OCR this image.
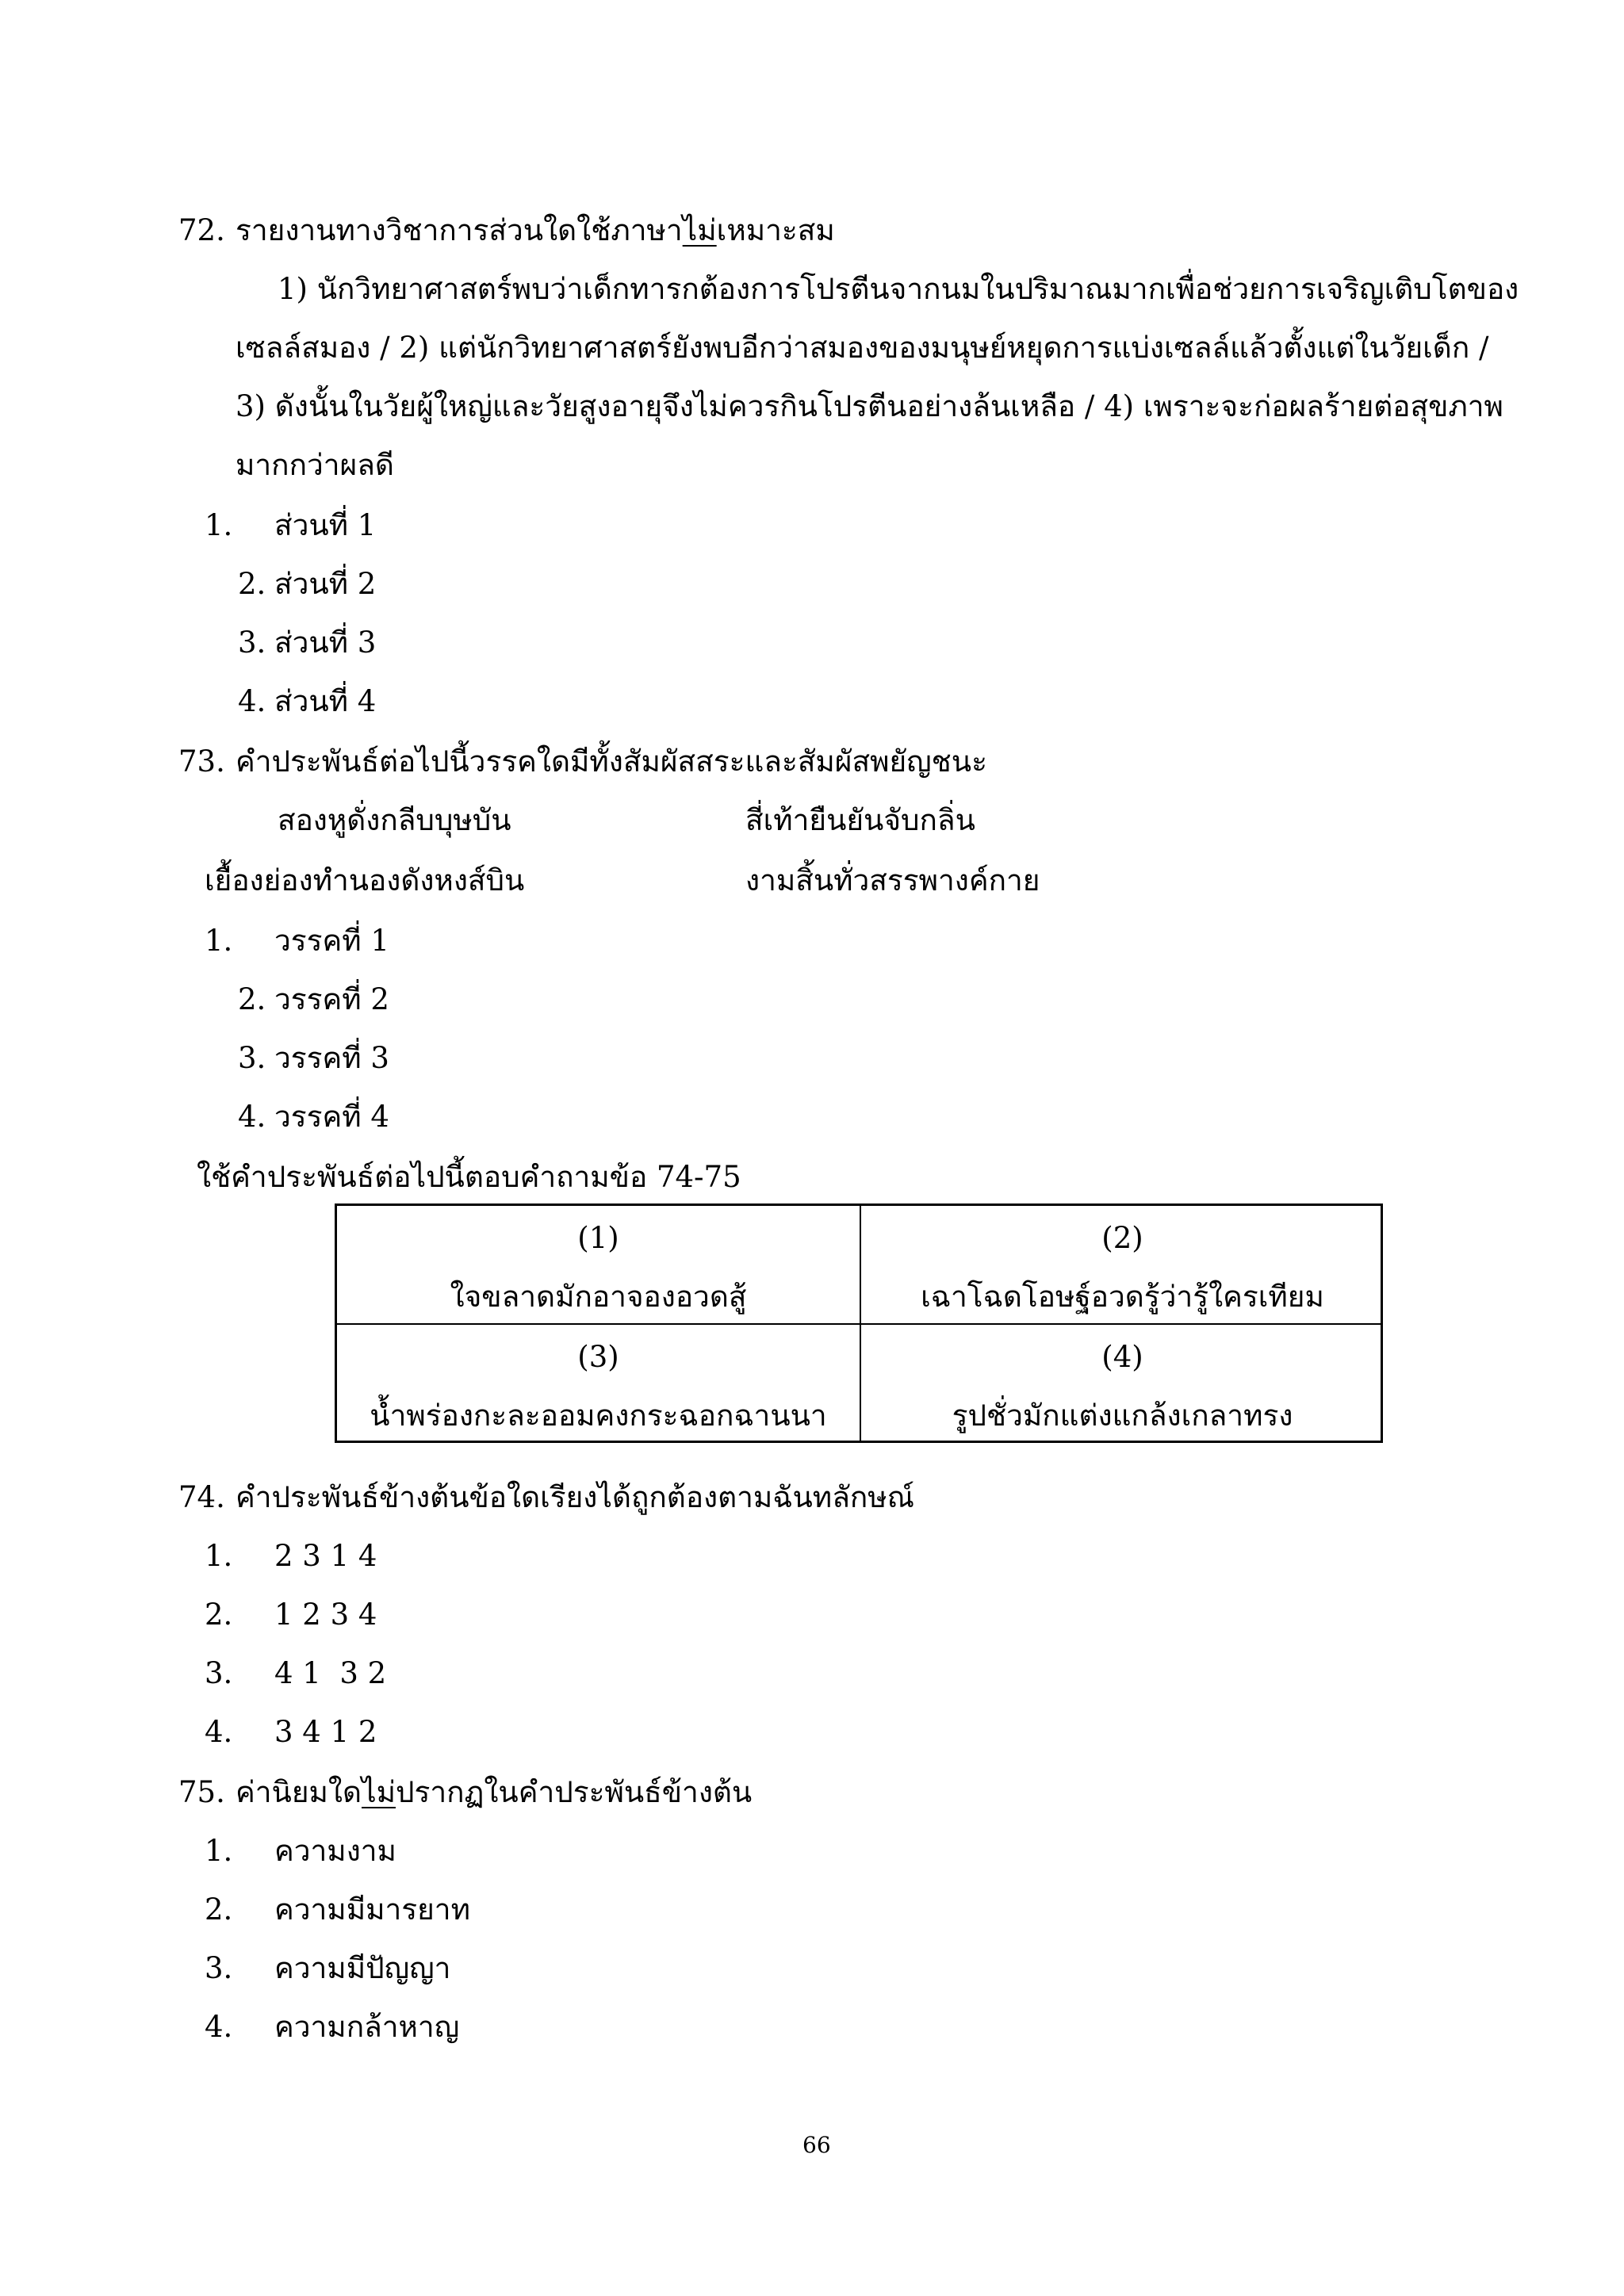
72. รายงานทางวิชาการส่วนใดใช้ภาษาไม่เหมาะสม
1) นักวิทยาศาสตร์พบว่าเด็กทารกต้องการโปรตีนจากนมในปริมาณมากเพื่อช่วยการเจริญเติบโตของ
เซลล์สมอง / 2) แต่นักวิทยาศาสตร์ยังพบอีกว่าสมองของมนุษย์หยุดการแบ่งเซลล์แล้วตั้งแต่ในวัยเด็ก /
3) ดังนั้นในวัยผู้ใหญ่และวัยสูงอายุจึงไม่ควรกินโปรตีนอย่างล้นเหลือ / 4) เพราะจะก่อผลร้ายต่อสุขภาพ
มากกว่าผลดี
1. ส่วนที่ 1
2. ส่วนที่ 2
3. ส่วนที่ 3
4. ส่วนที่ 4
73. คำประพันธ์ต่อไปนี้วรรคใดมีทั้งสัมผัสสระและสัมผัสพยัญชนะ
สองหูดั่งกลีบบุษบัน	สี่เท้ายืนยันจับกลิ่น
เยื้องย่องทำนองดังหงส์บิน	งามสิ้นทั่วสรรพางค์กาย
1. วรรคที่ 1
2. วรรคที่ 2
3. วรรคที่ 3
4. วรรคที่ 4
ใช้คำประพันธ์ต่อไปนี้ตอบคำถามข้อ 74-75
(1)
ใจขลาดมักอาจองอวดสู้
(2)
เฉาโฉดโอษฐ์อวดรู้ว่ารู้ใครเทียม
(3)
น้ำพร่องกะละออมคงกระฉอกฉานนา
(4)
รูปชั่วมักแต่งแกล้งเกลาทรง
74. คำประพันธ์ข้างต้นข้อใดเรียงได้ถูกต้องตามฉันทลักษณ์
1. 2 3 1 4
2. 1 2 3 4
3. 4 1  3 2
4. 3 4 1 2
75. ค่านิยมใดไม่ปรากฏในคำประพันธ์ข้างต้น
1. ความงาม
2. ความมีมารยาท
3. ความมีปัญญา
4. ความกล้าหาญ
66
